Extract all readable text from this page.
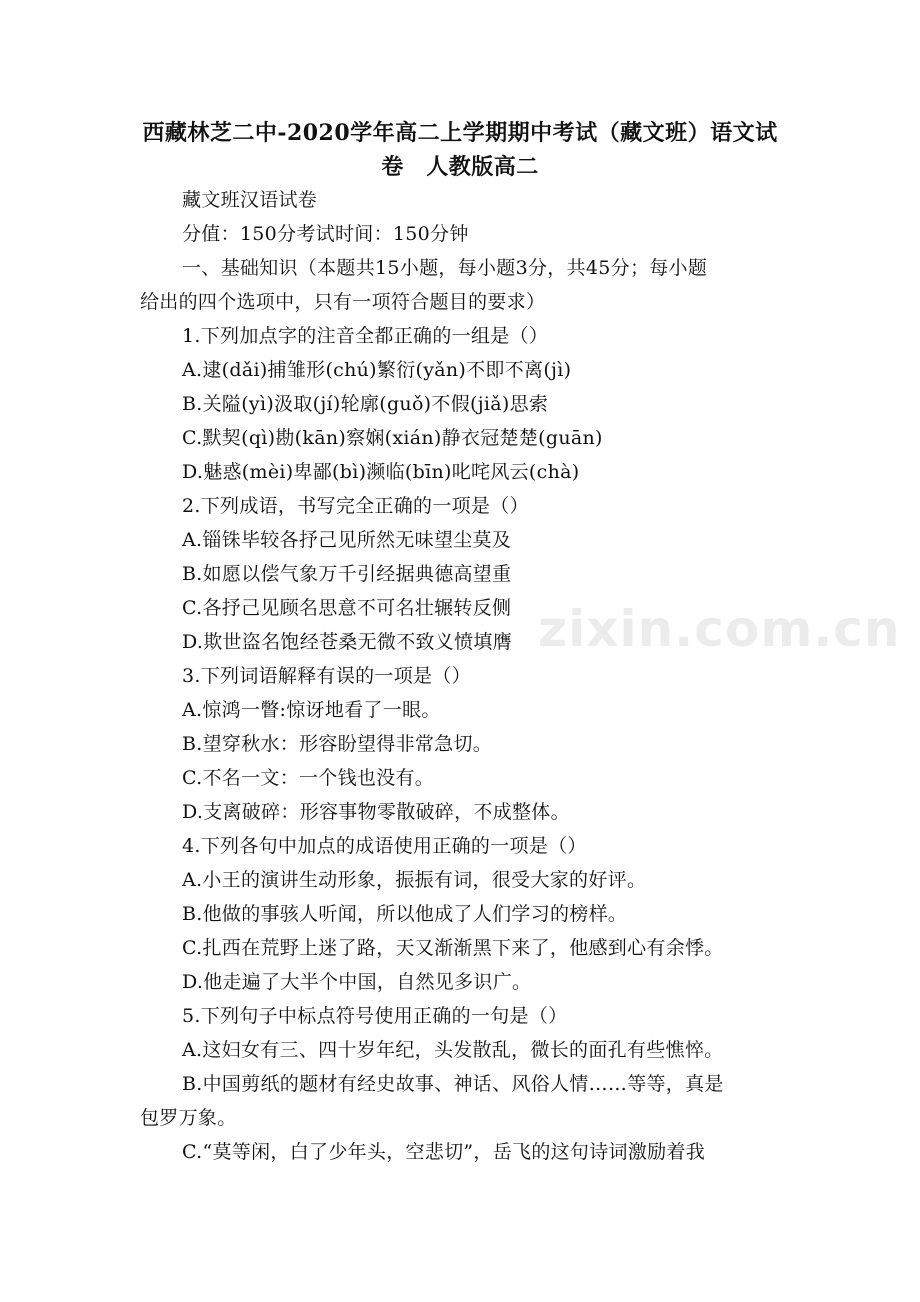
西藏林芝二中-2020学年高二上学期期中考试（藏文班）语文试
卷　人教版高二
藏文班汉语试卷
分值：150分考试时间：150分钟
一、基础知识（本题共15小题，每小题3分，共45分；每小题
给出的四个选项中，只有一项符合题目的要求）
1.下列加点字的注音全都正确的一组是（）
A.逮(dǎi)捕雏形(chú)繁衍(yǎn)不即不离(jì)
B.关隘(yì)汲取(jí)轮廓(guǒ)不假(jiǎ)思索
C.默契(qì)勘(kān)察娴(xián)静衣冠楚楚(guān)
D.魅惑(mèi)卑鄙(bì)濒临(bīn)叱咤风云(chà)
2.下列成语，书写完全正确的一项是（）
A.锱铢毕较各抒己见所然无味望尘莫及
B.如愿以偿气象万千引经据典德高望重
C.各抒己见顾名思意不可名壮辗转反侧
D.欺世盗名饱经苍桑无微不致义愤填膺
3.下列词语解释有误的一项是（）
A.惊鸿一瞥:惊讶地看了一眼。
B.望穿秋水：形容盼望得非常急切。
C.不名一文：一个钱也没有。
D.支离破碎：形容事物零散破碎，不成整体。
4.下列各句中加点的成语使用正确的一项是（）
A.小王的演讲生动形象，振振有词，很受大家的好评。
B.他做的事骇人听闻，所以他成了人们学习的榜样。
C.扎西在荒野上迷了路，天又渐渐黑下来了，他感到心有余悸。
D.他走遍了大半个中国，自然见多识广。
5.下列句子中标点符号使用正确的一句是（）
A.这妇女有三、四十岁年纪，头发散乱，微长的面孔有些憔悴。
B.中国剪纸的题材有经史故事、神话、风俗人情……等等，真是
包罗万象。
C.“莫等闲，白了少年头，空悲切”，岳飞的这句诗词激励着我
zixin.com.cn
